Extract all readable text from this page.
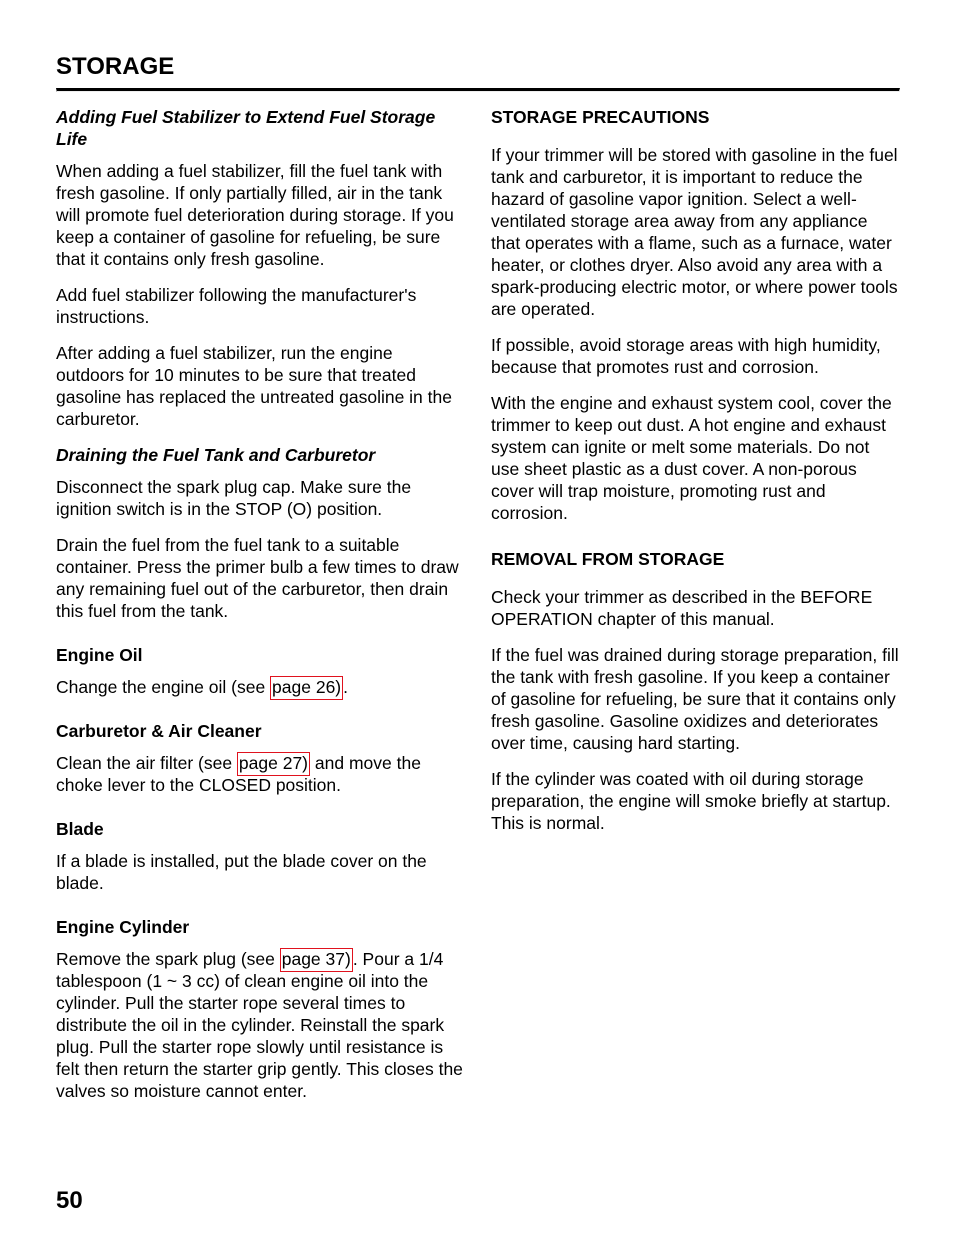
STORAGE
Adding Fuel Stabilizer to Extend Fuel Storage Life

When adding a fuel stabilizer, fill the fuel tank with fresh gasoline. If only partially filled, air in the tank will promote fuel deterioration during storage. If you keep a container of gasoline for refueling, be sure that it contains only fresh gasoline.

Add fuel stabilizer following the manufacturer's instructions.

After adding a fuel stabilizer, run the engine outdoors for 10 minutes to be sure that treated gasoline has replaced the untreated gasoline in the carburetor.

Draining the Fuel Tank and Carburetor

Disconnect the spark plug cap. Make sure the ignition switch is in the STOP (O) position.

Drain the fuel from the fuel tank to a suitable container. Press the primer bulb a few times to draw any remaining fuel out of the carburetor, then drain this fuel from the tank.

Engine Oil

Change the engine oil (see page 26) .

Carburetor & Air Cleaner

Clean the air filter (see page 27) and move the choke lever to the CLOSED position.

Blade

If a blade is installed, put the blade cover on the blade.

Engine Cylinder

Remove the spark plug (see page 37) . Pour a 1/4 tablespoon (1 ~ 3 cc) of clean engine oil into the cylinder. Pull the starter rope several times to distribute the oil in the cylinder. Reinstall the spark plug. Pull the starter rope slowly until resistance is felt then return the starter grip gently. This closes the valves so moisture cannot enter.

STORAGE PRECAUTIONS

If your trimmer will be stored with gasoline in the fuel tank and carburetor, it is important to reduce the hazard of gasoline vapor ignition. Select a well-ventilated storage area away from any appliance that operates with a flame, such as a furnace, water heater, or clothes dryer. Also avoid any area with a spark-producing electric motor, or where power tools are operated.

If possible, avoid storage areas with high humidity, because that promotes rust and corrosion.

With the engine and exhaust system cool, cover the trimmer to keep out dust. A hot engine and exhaust system can ignite or melt some materials. Do not use sheet plastic as a dust cover. A non-porous cover will trap moisture, promoting rust and corrosion.

REMOVAL FROM STORAGE

Check your trimmer as described in the BEFORE OPERATION chapter of this manual.

If the fuel was drained during storage preparation, fill the tank with fresh gasoline. If you keep a container of gasoline for refueling, be sure that it contains only fresh gasoline. Gasoline oxidizes and deteriorates over time, causing hard starting.

If the cylinder was coated with oil during storage preparation, the engine will smoke briefly at startup. This is normal.

50
